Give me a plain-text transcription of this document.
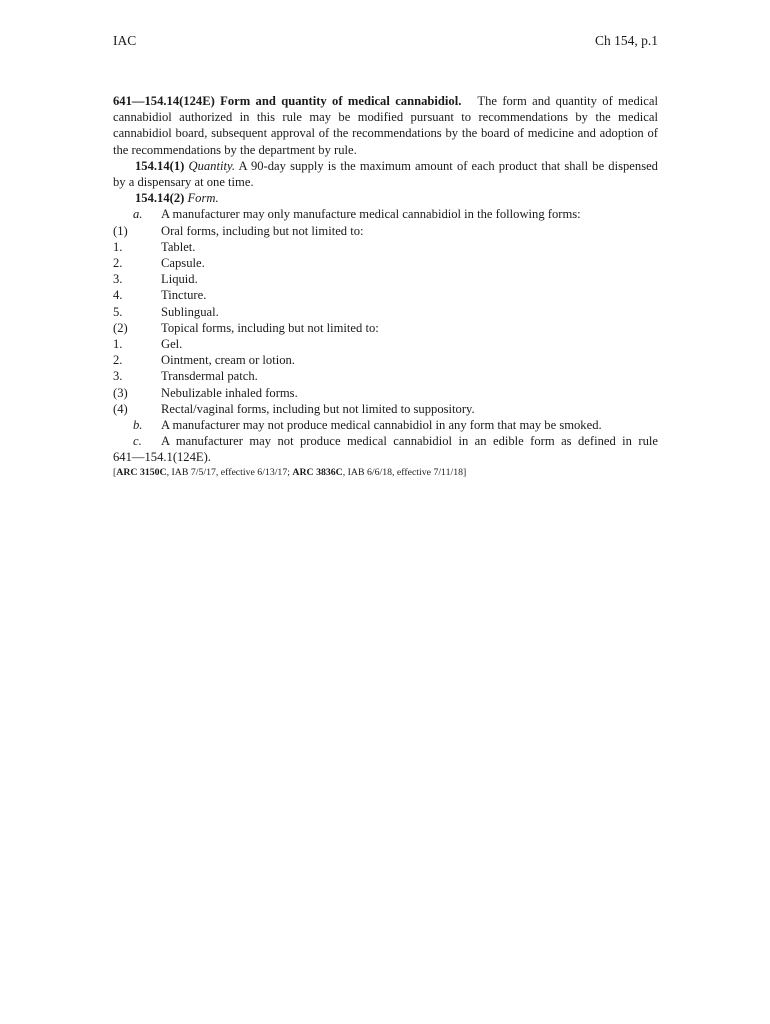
IAC	Ch 154, p.1

641—154.14(124E) Form and quantity of medical cannabidiol. The form and quantity of medical cannabidiol authorized in this rule may be modified pursuant to recommendations by the medical cannabidiol board, subsequent approval of the recommendations by the board of medicine and adoption of the recommendations by the department by rule.

154.14(1) Quantity. A 90-day supply is the maximum amount of each product that shall be dispensed by a dispensary at one time.

154.14(2) Form.

a.	A manufacturer may only manufacture medical cannabidiol in the following forms:
(1)	Oral forms, including but not limited to:
1.	Tablet.
2.	Capsule.
3.	Liquid.
4.	Tincture.
5.	Sublingual.
(2)	Topical forms, including but not limited to:
1.	Gel.
2.	Ointment, cream or lotion.
3.	Transdermal patch.
(3)	Nebulizable inhaled forms.
(4)	Rectal/vaginal forms, including but not limited to suppository.
b.	A manufacturer may not produce medical cannabidiol in any form that may be smoked.
c.	A manufacturer may not produce medical cannabidiol in an edible form as defined in rule

641—154.1(124E).

[ARC 3150C, IAB 7/5/17, effective 6/13/17; ARC 3836C, IAB 6/6/18, effective 7/11/18]
